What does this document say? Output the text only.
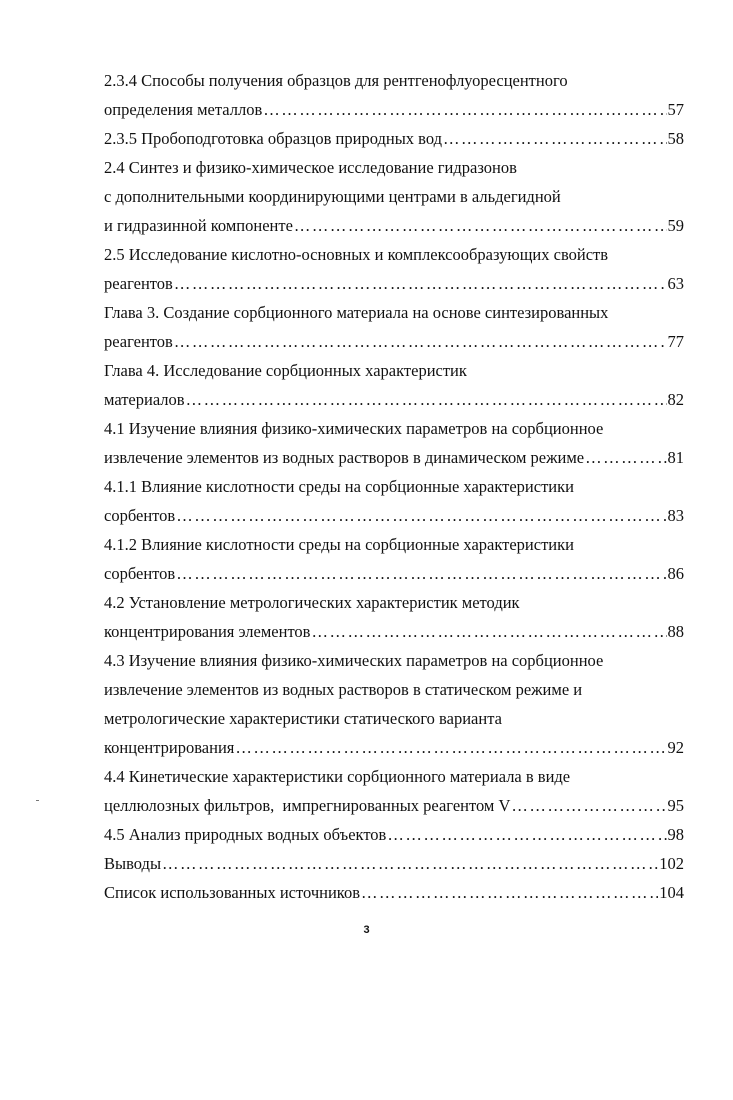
2.3.4 Способы получения образцов для рентгенофлуоресцентного
определения металлов ……………………………………………………………………………………………………………………………………………	57
2.3.5 Пробоподготовка образцов природных вод ……………………………………………………………………………………………………………………………………………	58
2.4 Синтез и физико-химическое исследование гидразонов
с дополнительными координирующими центрами в альдегидной
и гидразинной компоненте ……………………………………………………………………………………………………………………………………………	59
2.5 Исследование кислотно-основных и комплексообразующих свойств
реагентов ……………………………………………………………………………………………………………………………………………	63
Глава 3. Создание сорбционного материала на основе синтезированных
реагентов ……………………………………………………………………………………………………………………………………………	77
Глава 4. Исследование сорбционных характеристик
материалов ……………………………………………………………………………………………………………………………………………	82
4.1 Изучение влияния физико-химических параметров на сорбционное
извлечение элементов из водных растворов в динамическом режиме ……………………………………………………………………………………………………………………………………………	81
4.1.1 Влияние кислотности среды на сорбционные характеристики
сорбентов ……………………………………………………………………………………………………………………………………………	83
4.1.2 Влияние кислотности среды на сорбционные характеристики
сорбентов ……………………………………………………………………………………………………………………………………………	86
4.2 Установление метрологических характеристик методик
концентрирования элементов ……………………………………………………………………………………………………………………………………………	88
4.3 Изучение влияния физико-химических параметров на сорбционное
извлечение элементов из водных растворов в статическом режиме и
метрологические характеристики статического варианта
концентрирования ……………………………………………………………………………………………………………………………………………	92
4.4 Кинетические характеристики сорбционного материала в виде
целлюлозных фильтров,  импрегнированных реагентом V ……………………………………………………………………………………………………………………………………………	95
4.5 Анализ природных водных объектов ……………………………………………………………………………………………………………………………………………	98
Выводы ……………………………………………………………………………………………………………………………………………	102
Список использованных источников ……………………………………………………………………………………………………………………………………………	104
3
